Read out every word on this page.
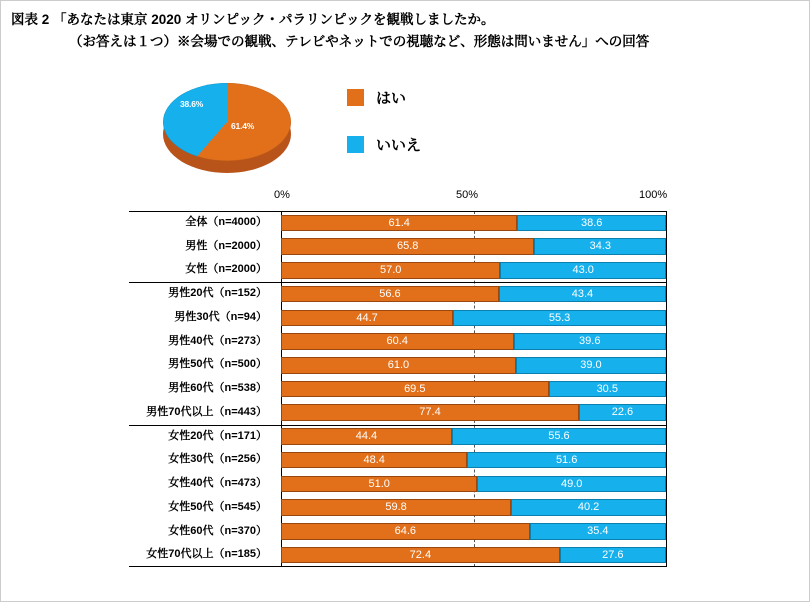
図表 2 「あなたは東京 2020 オリンピック・パラリンピックを観戦しましたか。
（お答えは１つ）※会場での観戦、テレビやネットでの視聴など、形態は問いません」への回答
61.4%
38.6%	はい
いいえ
0%	50%	100%
全体（n=4000）	61.4	38.6
男性（n=2000）	65.8	34.3
女性（n=2000）	57.0	43.0
男性20代（n=152）	56.6	43.4
男性30代（n=94）	44.7	55.3
男性40代（n=273）	60.4	39.6
男性50代（n=500）	61.0	39.0
男性60代（n=538）	69.5	30.5
男性70代以上（n=443）	77.4	22.6
女性20代（n=171）	44.4	55.6
女性30代（n=256）	48.4	51.6
女性40代（n=473）	51.0	49.0
女性50代（n=545）	59.8	40.2
女性60代（n=370）	64.6	35.4
女性70代以上（n=185）	72.4	27.6
